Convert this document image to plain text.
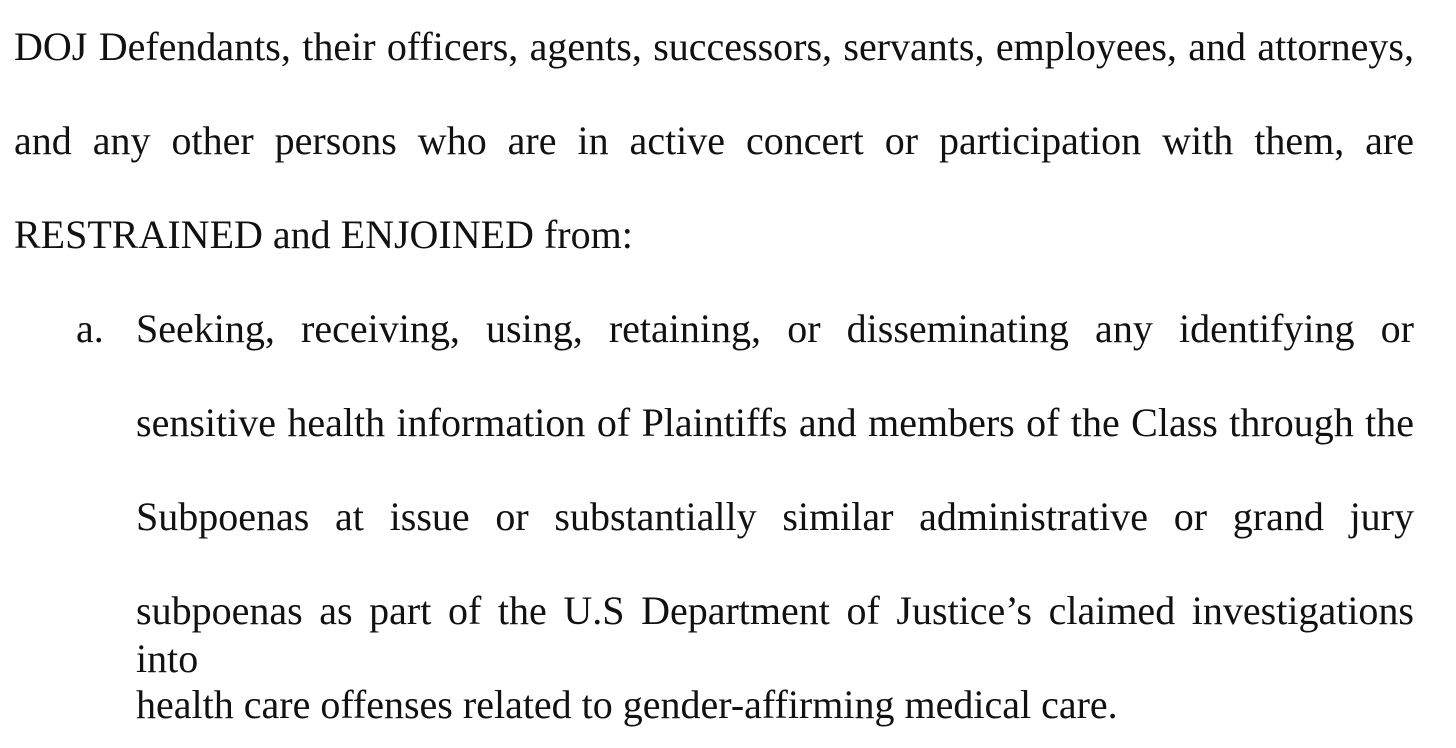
DOJ Defendants, their officers, agents, successors, servants, employees, and attorneys,

and any other persons who are in active concert or participation with them, are

RESTRAINED and ENJOINED from:

a. Seeking, receiving, using, retaining, or disseminating any identifying or

sensitive health information of Plaintiffs and members of the Class through the

Subpoenas at issue or substantially similar administrative or grand jury

subpoenas as part of the U.S Department of Justice’s claimed investigations into

health care offenses related to gender-affirming medical care.
